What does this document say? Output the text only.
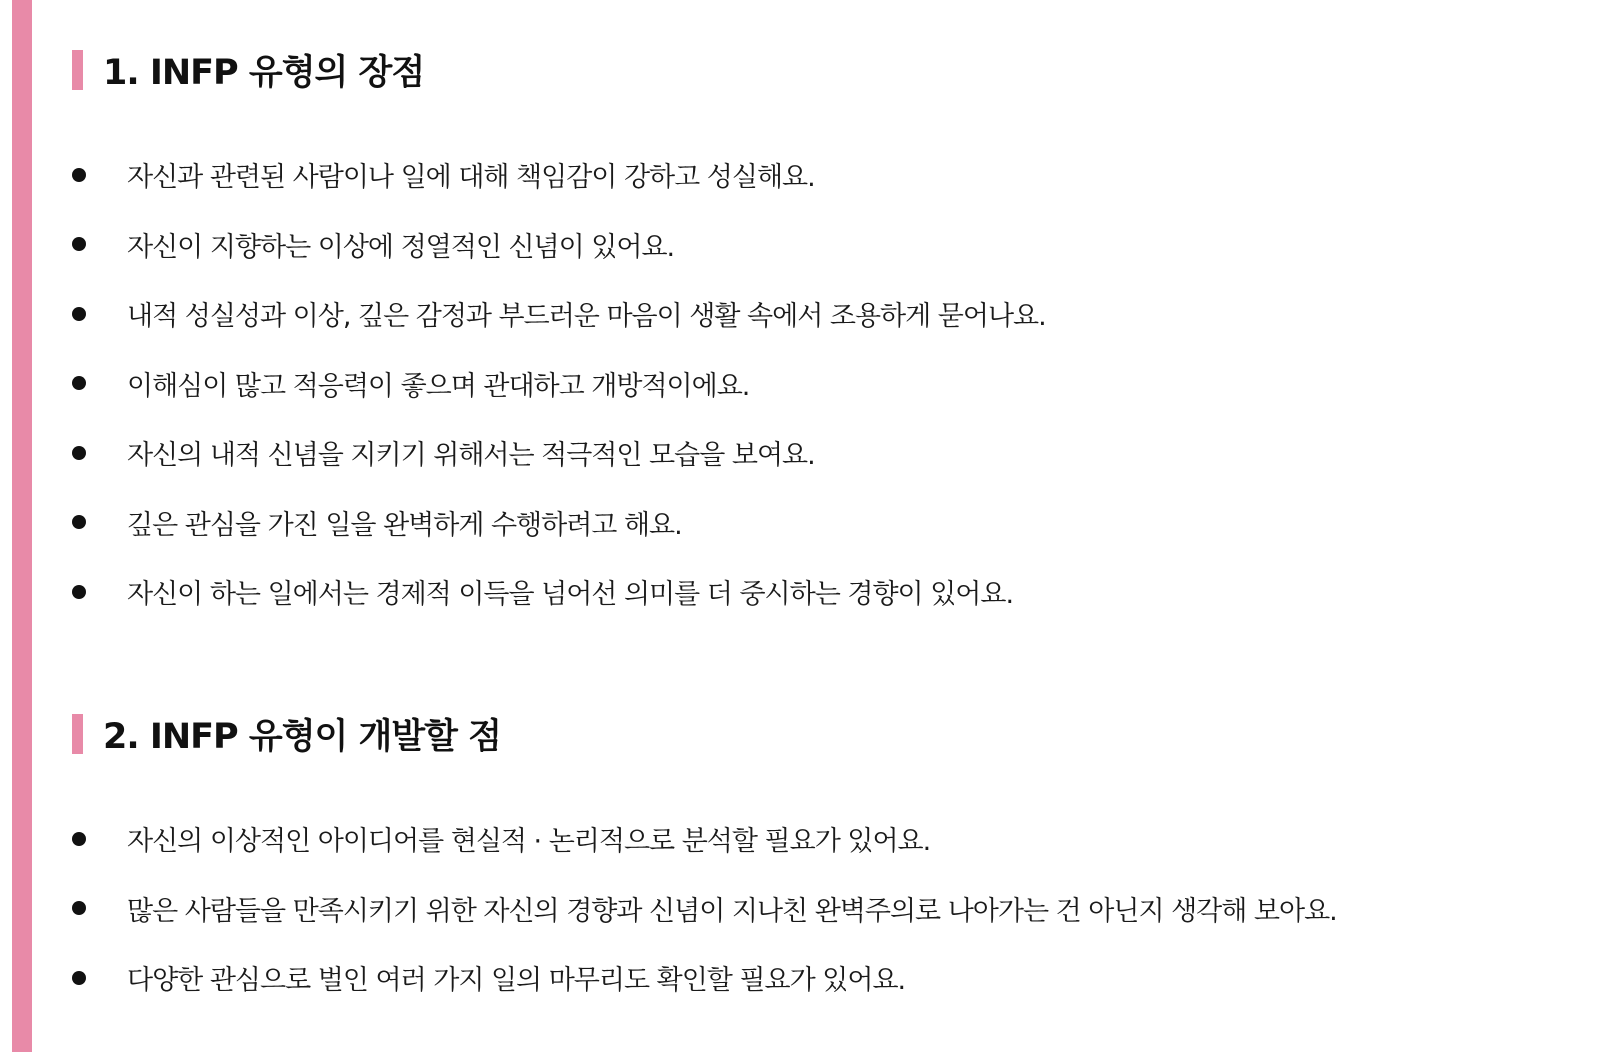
1. INFP 유형의 장점
자신과 관련된 사람이나 일에 대해 책임감이 강하고 성실해요.
자신이 지향하는 이상에 정열적인 신념이 있어요.
내적 성실성과 이상, 깊은 감정과 부드러운 마음이 생활 속에서 조용하게 묻어나요.
이해심이 많고 적응력이 좋으며 관대하고 개방적이에요.
자신의 내적 신념을 지키기 위해서는 적극적인 모습을 보여요.
깊은 관심을 가진 일을 완벽하게 수행하려고 해요.
자신이 하는 일에서는 경제적 이득을 넘어선 의미를 더 중시하는 경향이 있어요.
2. INFP 유형이 개발할 점
자신의 이상적인 아이디어를 현실적 · 논리적으로 분석할 필요가 있어요.
많은 사람들을 만족시키기 위한 자신의 경향과 신념이 지나친 완벽주의로 나아가는 건 아닌지 생각해 보아요.
다양한 관심으로 벌인 여러 가지 일의 마무리도 확인할 필요가 있어요.
